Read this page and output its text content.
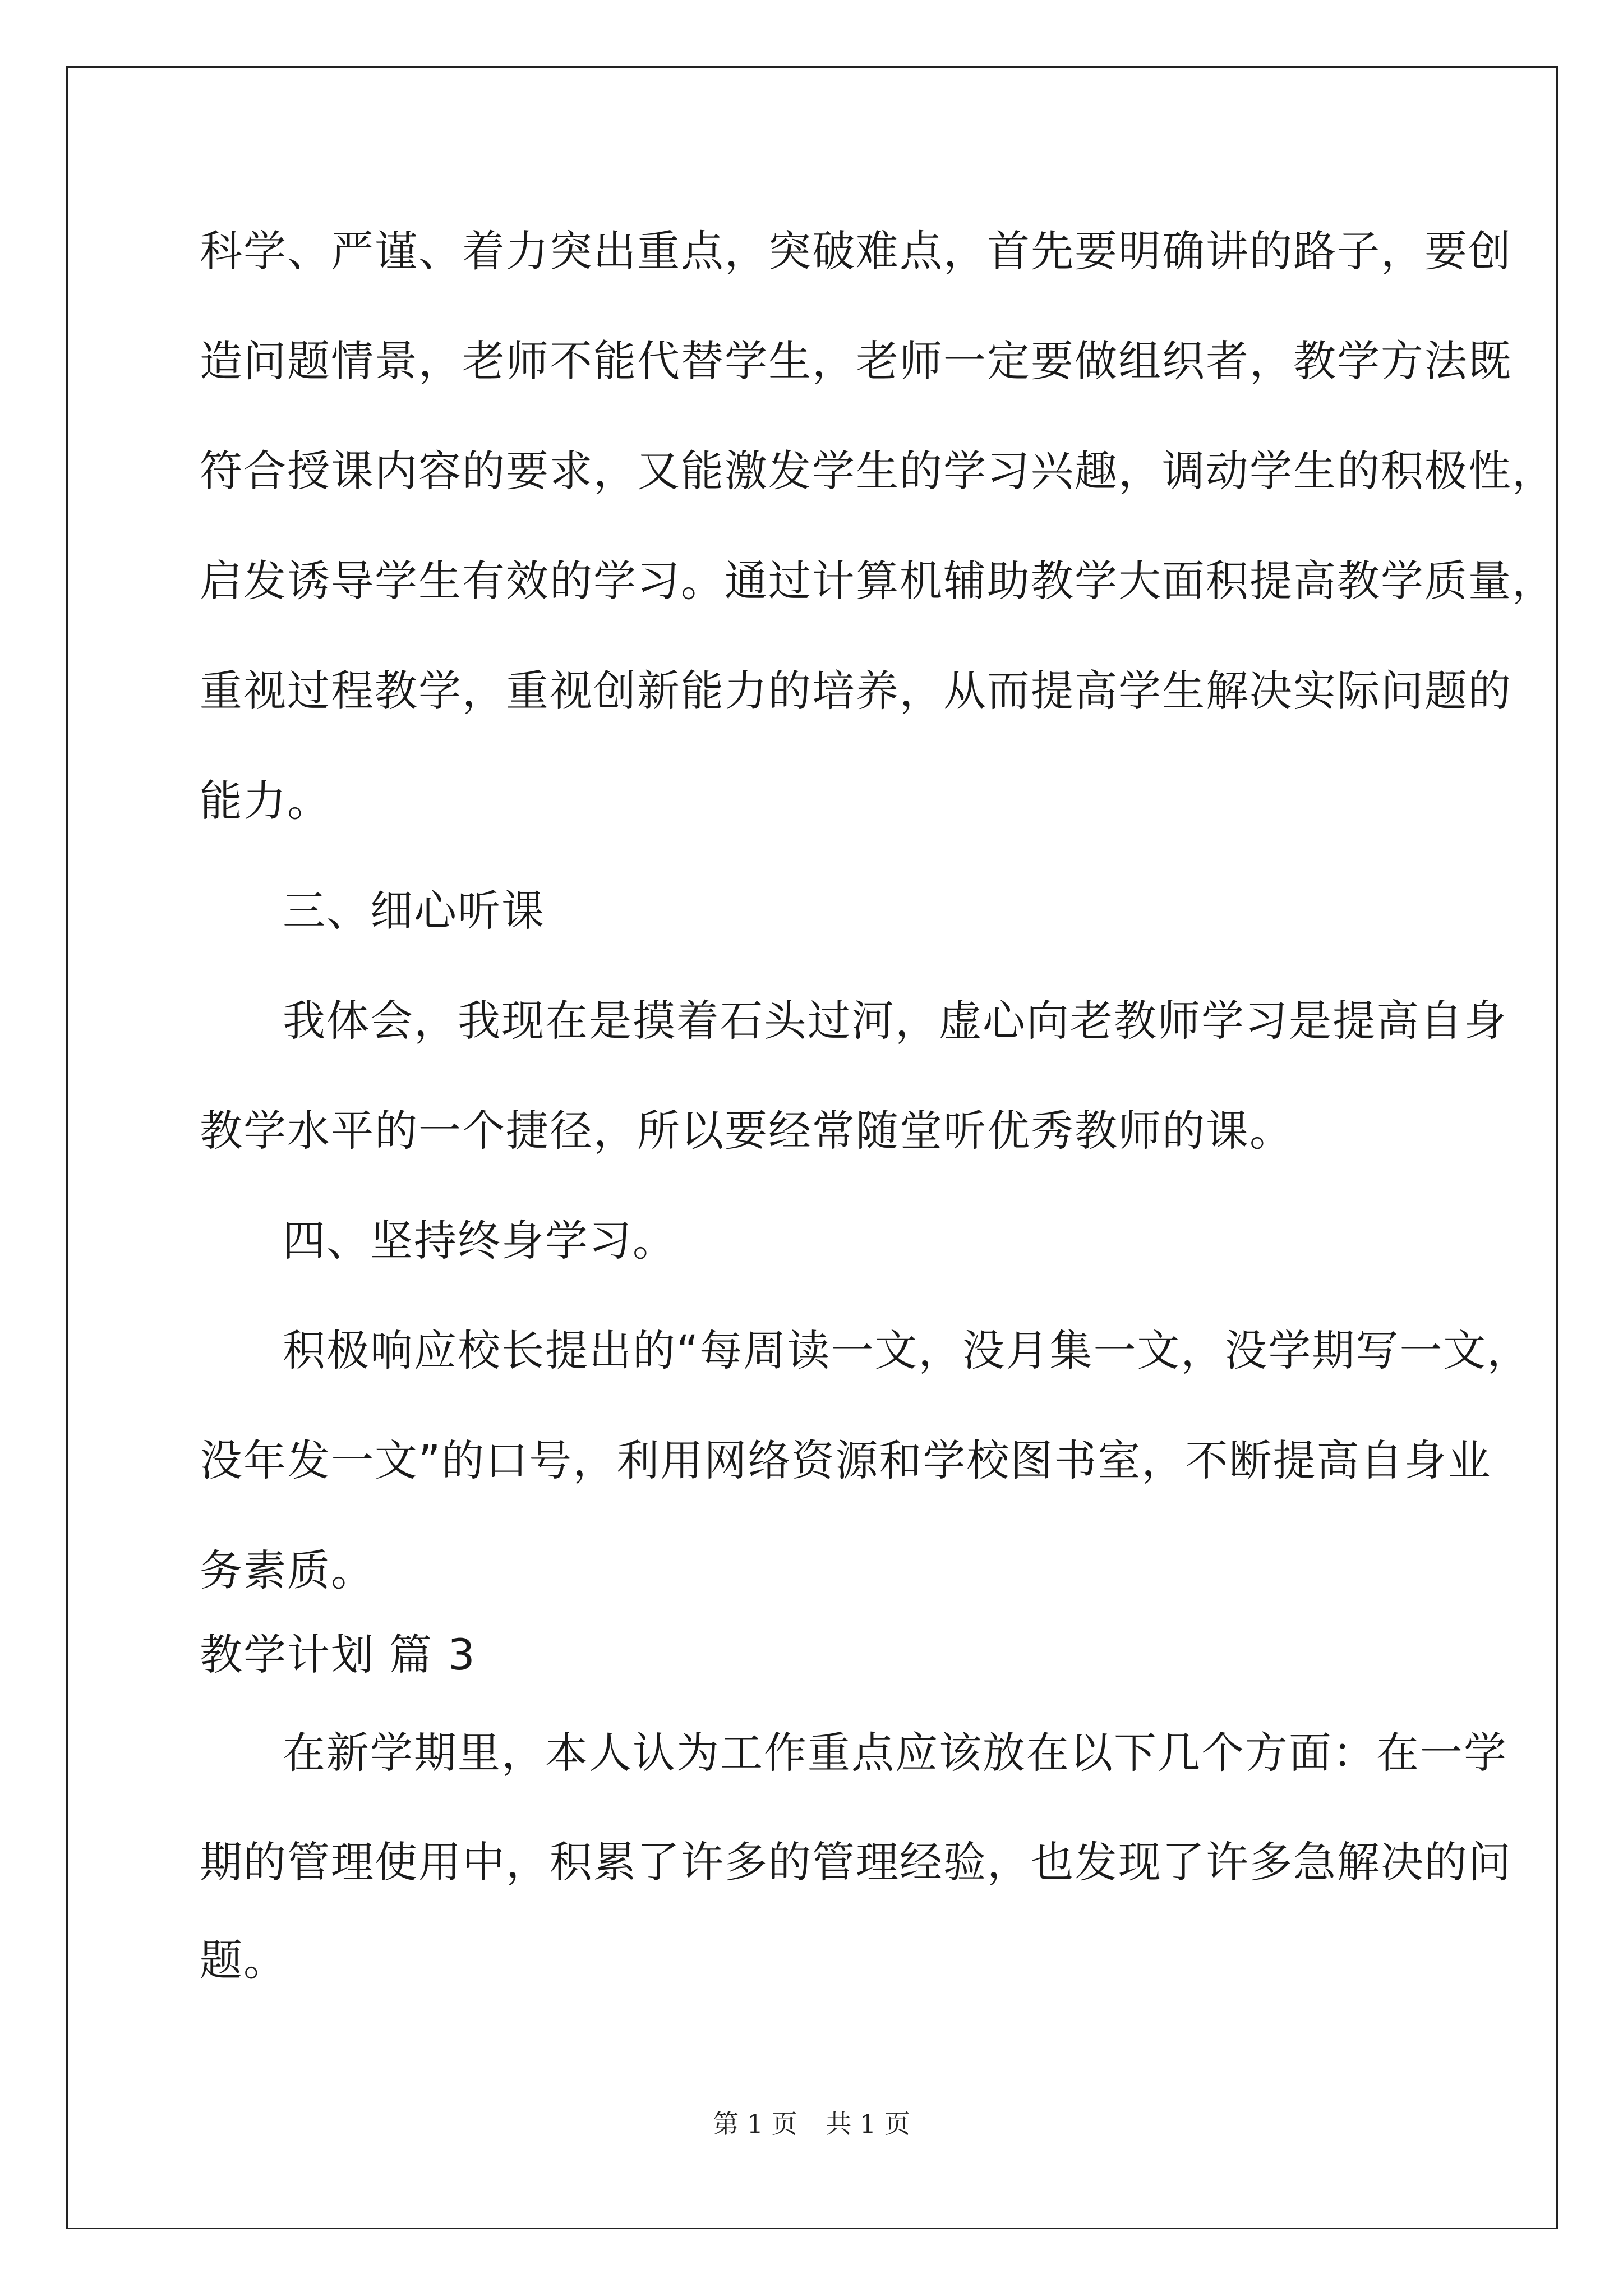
科学、严谨、着力突出重点，突破难点，首先要明确讲的路子，要创
造问题情景，老师不能代替学生，老师一定要做组织者，教学方法既
符合授课内容的要求，又能激发学生的学习兴趣，调动学生的积极性，
启发诱导学生有效的学习。通过计算机辅助教学大面积提高教学质量，
重视过程教学，重视创新能力的培养，从而提高学生解决实际问题的
能力。
三、细心听课
我体会，我现在是摸着石头过河，虚心向老教师学习是提高自身
教学水平的一个捷径，所以要经常随堂听优秀教师的课。
四、坚持终身学习。
积极响应校长提出的“每周读一文，没月集一文，没学期写一文，
没年发一文”的口号，利用网络资源和学校图书室，不断提高自身业
务素质。
教学计划 篇 3
在新学期里，本人认为工作重点应该放在以下几个方面：在一学
期的管理使用中，积累了许多的管理经验，也发现了许多急解决的问
题。
第 1 页 共 1 页
